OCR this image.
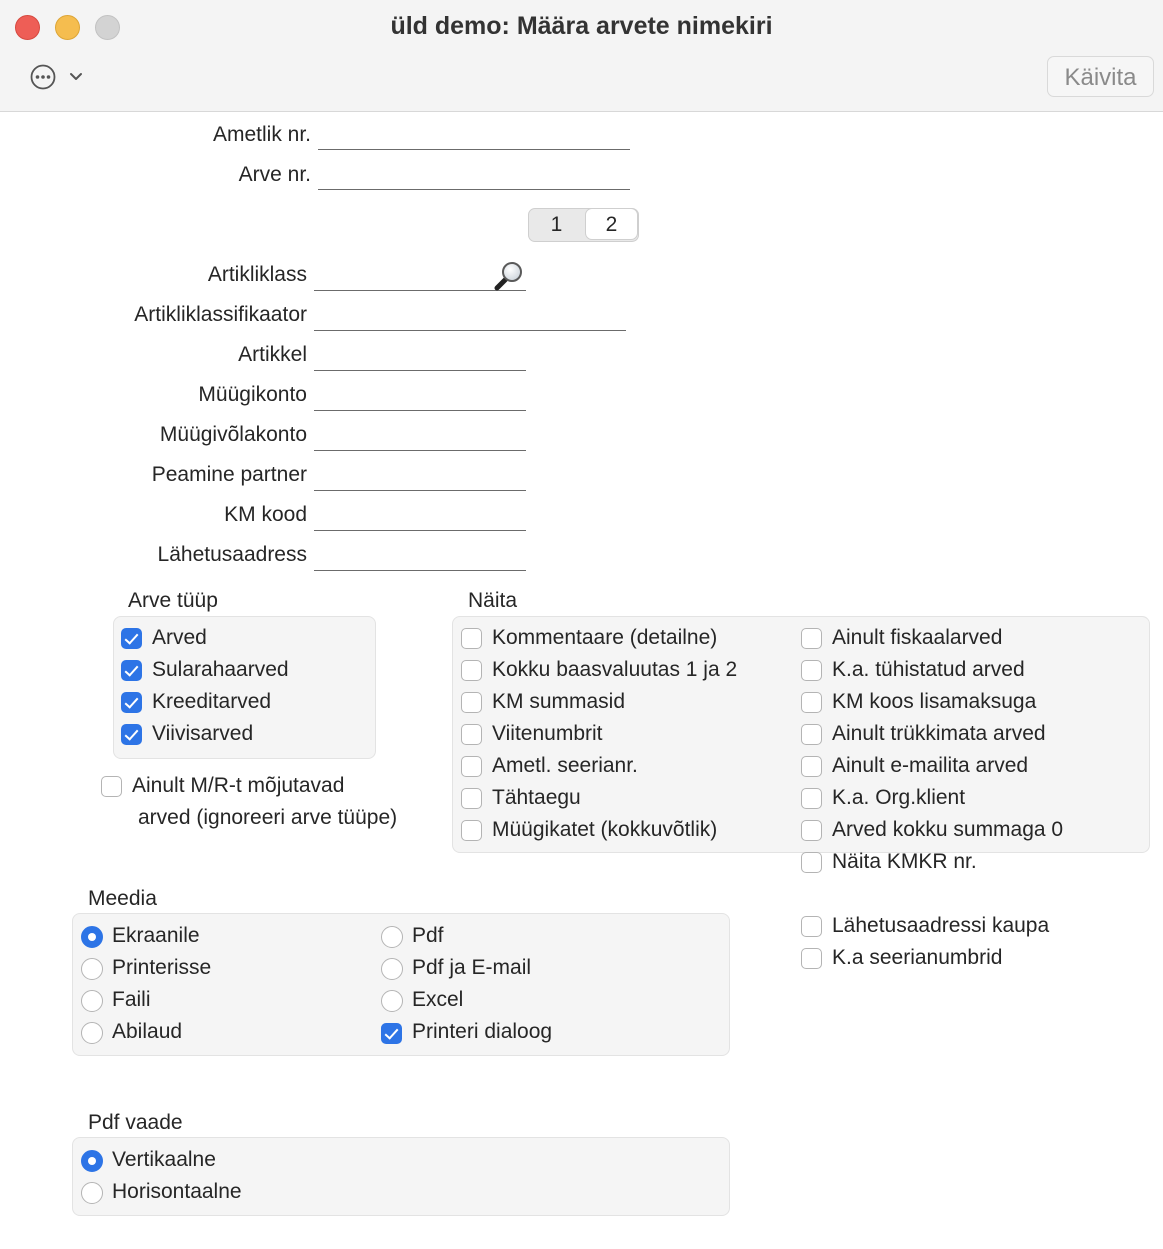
üld demo: Määra arvete nimekiri
Käivita
Ametlik nr.
Arve nr.
1	2
Artikliklass
Artikliklassifikaator
Artikkel
Müügikonto
Müügivõlakonto
Peamine partner
KM kood
Lähetusaadress
Arve tüüp
Arved
Sularahaarved
Kreeditarved
Viivisarved
Ainult M/R-t mõjutavad
arved (ignoreeri arve tüüpe)
Näita
Kommentaare (detailne)
Kokku baasvaluutas 1 ja 2
KM summasid
Viitenumbrit
Ametl. seerianr.
Tähtaegu
Müügikatet (kokkuvõtlik)
Ainult fiskaalarved
K.a. tühistatud arved
KM koos lisamaksuga
Ainult trükkimata arved
Ainult e-mailita arved
K.a. Org.klient
Arved kokku summaga 0
Näita KMKR nr.
Lähetusaadressi kaupa
K.a seerianumbrid
Meedia
Ekraanile
Printerisse
Faili
Abilaud
Pdf
Pdf ja E-mail
Excel
Printeri dialoog
Pdf vaade
Vertikaalne
Horisontaalne
